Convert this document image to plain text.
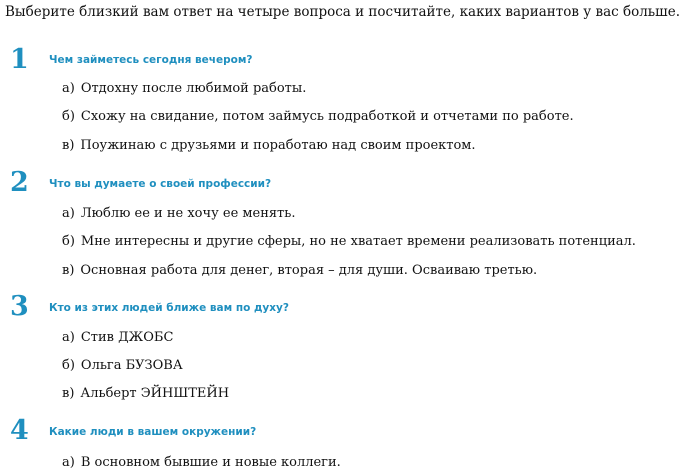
Выберите близкий вам ответ на четыре вопроса и посчитайте, каких вариантов у вас больше.
1 Чем займетесь сегодня вечером?
а) Отдохну после любимой работы.
б) Схожу на свидание, потом займусь подработкой и отчетами по работе.
в) Поужинаю с друзьями и поработаю над своим проектом.
2 Что вы думаете о своей профессии?
а) Люблю ее и не хочу ее менять.
б) Мне интересны и другие сферы, но не хватает времени реализовать потенциал.
в) Основная работа для денег, вторая – для души. Осваиваю третью.
3 Кто из этих людей ближе вам по духу?
а) Стив ДЖОБС
б) Ольга БУЗОВА
в) Альберт ЭЙНШТЕЙН
4 Какие люди в вашем окружении?
а) В основном бывшие и новые коллеги.
